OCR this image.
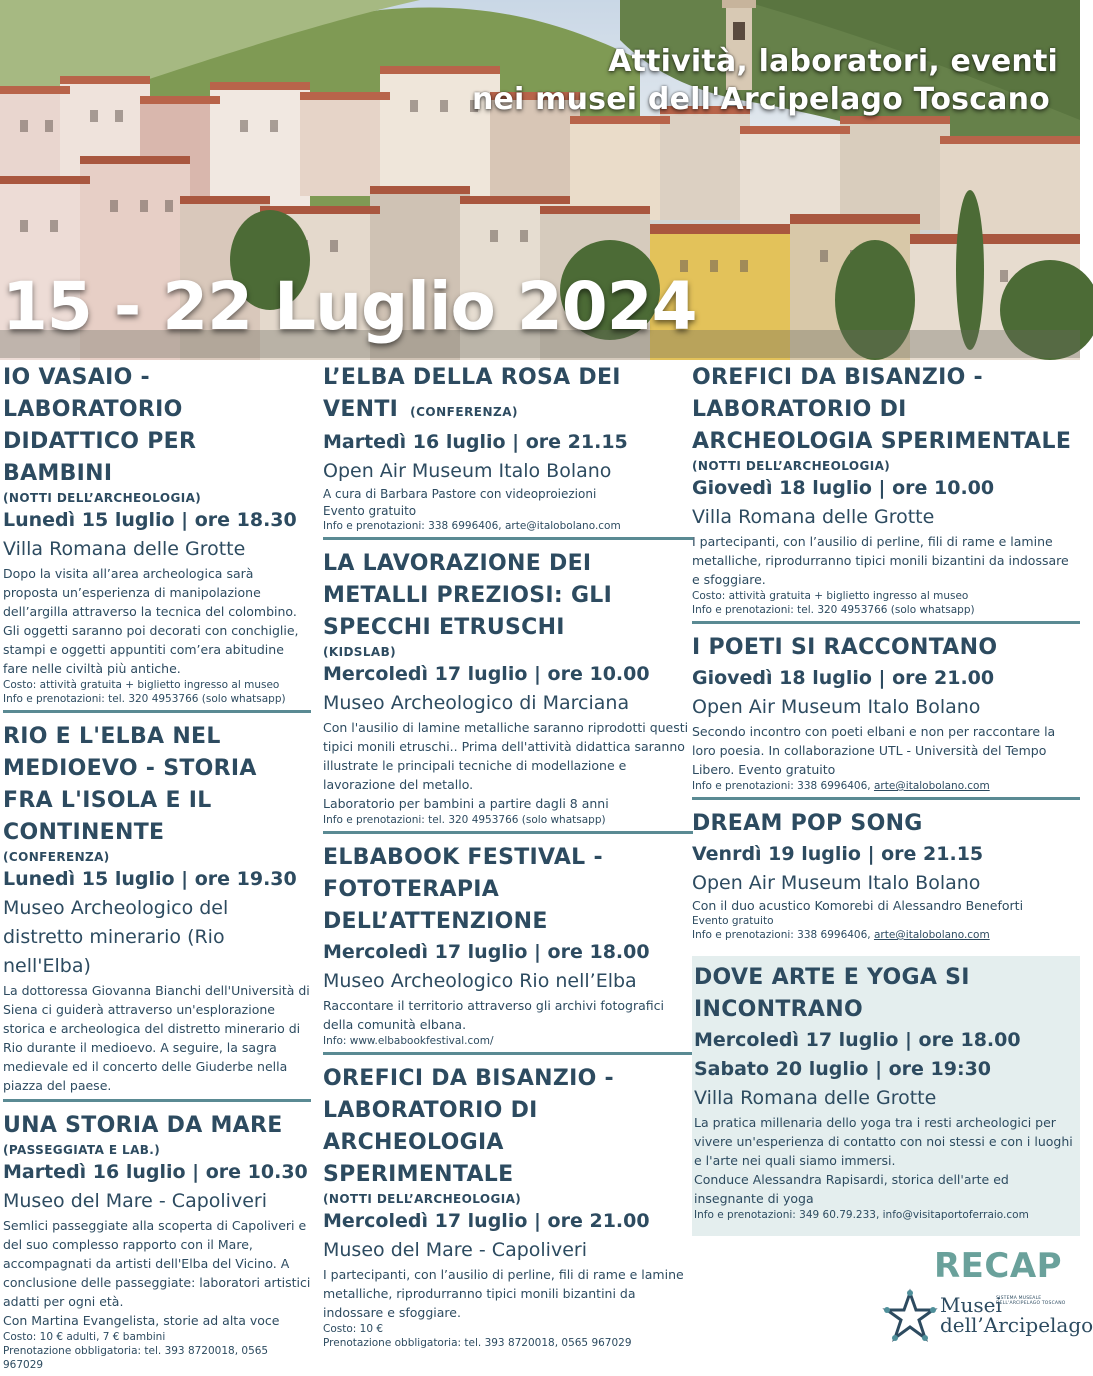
Attività, laboratori, eventi
nei musei dell'Arcipelago Toscano
15 - 22 Luglio 2024
IO VASAIO - LABORATORIO DIDATTICO PER BAMBINI
(NOTTI DELL’ARCHEOLOGIA)
Lunedì 15 luglio | ore 18.30
Villa Romana delle Grotte
Dopo la visita all’area archeologica sarà proposta un’esperienza di manipolazione dell’argilla attraverso la tecnica del colombino. Gli oggetti saranno poi decorati con conchiglie, stampi e oggetti appuntiti com’era abitudine fare nelle civiltà più antiche.
Costo: attività gratuita + biglietto ingresso al museo
Info e prenotazioni: tel. 320 4953766 (solo whatsapp)
RIO E L'ELBA NEL MEDIOEVO - STORIA FRA L'ISOLA E IL CONTINENTE
(CONFERENZA)
Lunedì 15 luglio | ore 19.30
Museo Archeologico del distretto minerario (Rio nell'Elba)
La dottoressa Giovanna Bianchi dell'Università di Siena ci guiderà attraverso un'esplorazione storica e archeologica del distretto minerario di Rio durante il medioevo. A seguire, la sagra medievale ed il concerto delle Giuderbe nella piazza del paese.
UNA STORIA DA MARE
(PASSEGGIATA E LAB.)
Martedì 16 luglio | ore 10.30
Museo del Mare - Capoliveri
Semlici passeggiate alla scoperta di Capoliveri e del suo complesso rapporto con il Mare, accompagnati da artisti dell'Elba del Vicino. A conclusione delle passeggiate: laboratori artistici adatti per ogni età.
Con Martina Evangelista, storie ad alta voce
Costo: 10 € adulti, 7 € bambini
Prenotazione obbligatoria: tel. 393 8720018, 0565 967029
L’ELBA DELLA ROSA DEI VENTI (CONFERENZA)
Martedì 16 luglio | ore 21.15
Open Air Museum Italo Bolano
A cura di Barbara Pastore con videoproiezioni
Evento gratuito
Info e prenotazioni: 338 6996406, arte@italobolano.com
LA LAVORAZIONE DEI METALLI PREZIOSI: GLI SPECCHI ETRUSCHI
(KIDSLAB)
Mercoledì 17 luglio | ore 10.00
Museo Archeologico di Marciana
Con l'ausilio di lamine metalliche saranno riprodotti questi tipici monili etruschi.. Prima dell'attività didattica saranno illustrate le principali tecniche di modellazione e lavorazione del metallo.
Laboratorio per bambini a partire dagli 8 anni
Info e prenotazioni: tel. 320 4953766 (solo whatsapp)
ELBABOOK FESTIVAL - FOTOTERAPIA DELL’ATTENZIONE
Mercoledì 17 luglio | ore 18.00
Museo Archeologico Rio nell’Elba
Raccontare il territorio attraverso gli archivi fotografici della comunità elbana.
Info: www.elbabookfestival.com/
OREFICI DA BISANZIO - LABORATORIO DI ARCHEOLOGIA SPERIMENTALE
(NOTTI DELL’ARCHEOLOGIA)
Mercoledì 17 luglio | ore 21.00
Museo del Mare - Capoliveri
I partecipanti, con l’ausilio di perline, fili di rame e lamine metalliche, riprodurranno tipici monili bizantini da indossare e sfoggiare.
Costo: 10 €
Prenotazione obbligatoria: tel. 393 8720018, 0565 967029
OREFICI DA BISANZIO - LABORATORIO DI ARCHEOLOGIA SPERIMENTALE
(NOTTI DELL’ARCHEOLOGIA)
Giovedì 18 luglio | ore 10.00
Villa Romana delle Grotte
I partecipanti, con l’ausilio di perline, fili di rame e lamine metalliche, riprodurranno tipici monili bizantini da indossare e sfoggiare.
Costo: attività gratuita + biglietto ingresso al museo
Info e prenotazioni: tel. 320 4953766 (solo whatsapp)
I POETI SI RACCONTANO
Giovedì 18 luglio | ore 21.00
Open Air Museum Italo Bolano
Secondo incontro con poeti elbani e non per raccontare la loro poesia. In collaborazione UTL - Università del Tempo Libero. Evento gratuito
Info e prenotazioni: 338 6996406, arte@italobolano.com
DREAM POP SONG
Venrdì 19 luglio | ore 21.15
Open Air Museum Italo Bolano
Con il duo acustico Komorebi di Alessandro Beneforti
Evento gratuito
Info e prenotazioni: 338 6996406, arte@italobolano.com
DOVE ARTE E YOGA SI INCONTRANO
Mercoledì 17 luglio | ore 18.00
Sabato 20 luglio | ore 19:30
Villa Romana delle Grotte
La pratica millenaria dello yoga tra i resti archeologici per vivere un'esperienza di contatto con noi stessi e con i luoghi e l'arte nei quali siamo immersi.
Conduce Alessandra Rapisardi, storica dell'arte ed insegnante di yoga
Info e prenotazioni: 349 60.79.233, info@visitaportoferraio.com
RECAP
Musei
dell’Arcipelago
SISTEMA MUSEALE DELL'ARCIPELAGO TOSCANO
